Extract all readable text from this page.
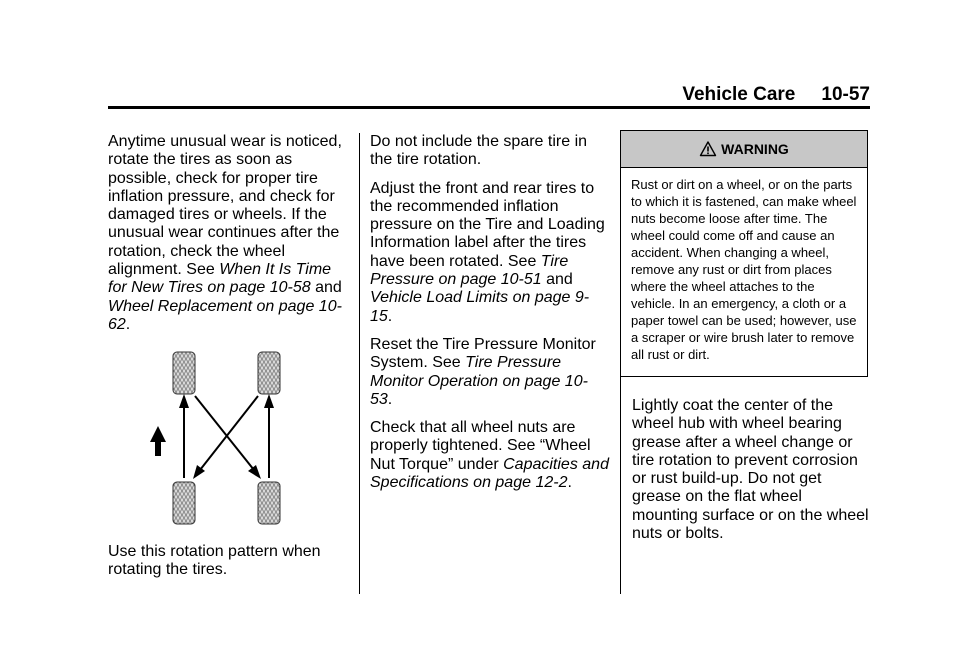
Vehicle Care 10-57

Anytime unusual wear is noticed, rotate the tires as soon as possible, check for proper tire inflation pressure, and check for damaged tires or wheels. If the unusual wear continues after the rotation, check the wheel alignment. See When It Is Time for New Tires on page 10-58 and Wheel Replacement on page 10-62.

Use this rotation pattern when rotating the tires.

Do not include the spare tire in the tire rotation.

Adjust the front and rear tires to the recommended inflation pressure on the Tire and Loading Information label after the tires have been rotated. See Tire Pressure on page 10-51 and Vehicle Load Limits on page 9-15.

Reset the Tire Pressure Monitor System. See Tire Pressure Monitor Operation on page 10-53.

Check that all wheel nuts are properly tightened. See “Wheel Nut Torque” under Capacities and Specifications on page 12-2.

WARNING
Rust or dirt on a wheel, or on the parts to which it is fastened, can make wheel nuts become loose after time. The wheel could come off and cause an accident. When changing a wheel, remove any rust or dirt from places where the wheel attaches to the vehicle. In an emergency, a cloth or a paper towel can be used; however, use a scraper or wire brush later to remove all rust or dirt.
Lightly coat the center of the wheel hub with wheel bearing grease after a wheel change or tire rotation to prevent corrosion or rust build-up. Do not get grease on the flat wheel mounting surface or on the wheel nuts or bolts.
